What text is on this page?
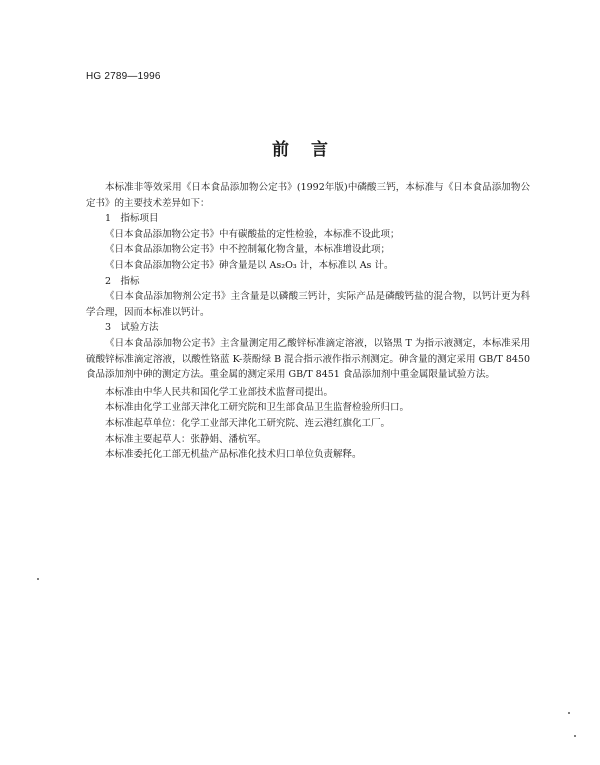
HG 2789—1996
前言

本标准非等效采用《日本食品添加物公定书》(1992年版)中磷酸三钙，本标准与《日本食品添加物公定书》的主要技术差异如下：

1　指标项目

《日本食品添加物公定书》中有碳酸盐的定性检验，本标准不设此项；

《日本食品添加物公定书》中不控制氟化物含量，本标准增设此项；

《日本食品添加物公定书》砷含量是以 As₂O₃ 计，本标准以 As 计。

2　指标

《日本食品添加物剂公定书》主含量是以磷酸三钙计，实际产品是磷酸钙盐的混合物，以钙计更为科学合理，因而本标准以钙计。

3　试验方法

《日本食品添加物公定书》主含量测定用乙酸锌标准滴定溶液，以铬黑 T 为指示液测定，本标准采用硫酸锌标准滴定溶液，以酸性铬蓝 K-萘酚绿 B 混合指示液作指示剂测定。砷含量的测定采用 GB/T 8450食品添加剂中砷的测定方法。重金属的测定采用 GB/T 8451 食品添加剂中重金属限量试验方法。

本标准由中华人民共和国化学工业部技术监督司提出。

本标准由化学工业部天津化工研究院和卫生部食品卫生监督检验所归口。

本标准起草单位：化学工业部天津化工研究院、连云港红旗化工厂。

本标准主要起草人：张静娟、潘杭军。

本标准委托化工部无机盐产品标准化技术归口单位负责解释。
